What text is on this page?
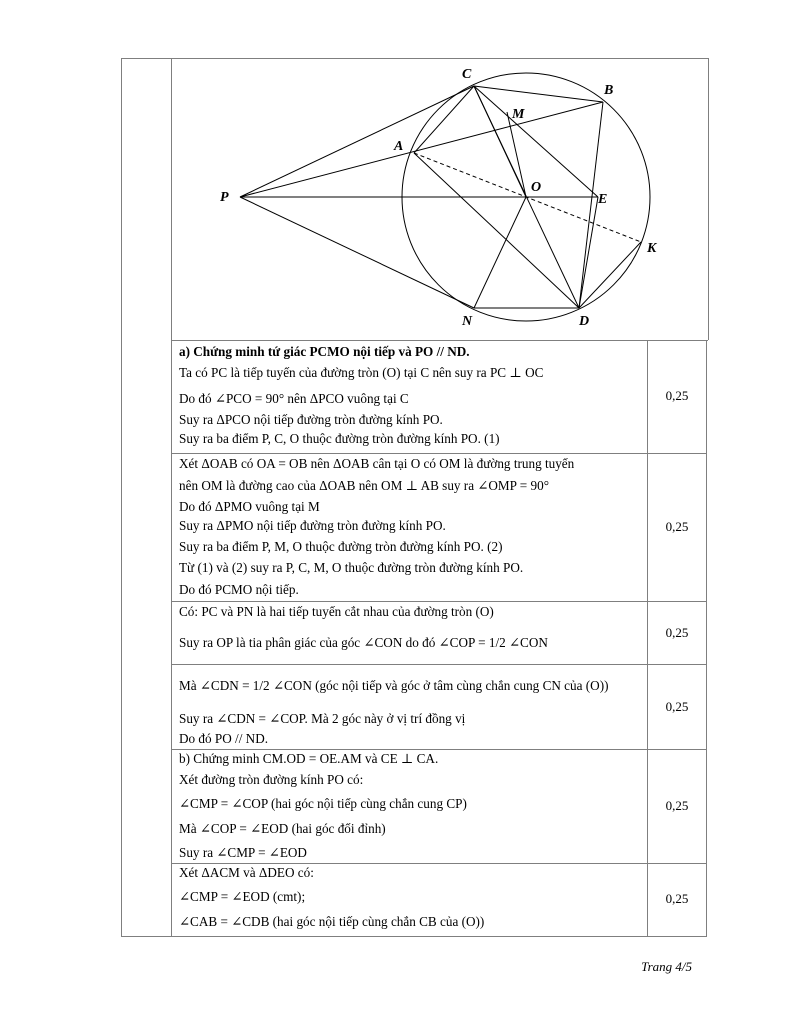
C
B
M
A
O
P	E
K
N	D
a) Chứng minh tứ giác PCMO nội tiếp và PO // ND.
Ta có PC là tiếp tuyến của đường tròn (O) tại C nên suy ra PC ⊥ OC
Do đó ∠PCO = 90° nên ΔPCO vuông tại C
Suy ra ΔPCO nội tiếp đường tròn đường kính PO.
Suy ra ba điểm P, C, O thuộc đường tròn đường kính PO. (1)
0,25
Xét ΔOAB có OA = OB nên ΔOAB cân tại O có OM là đường trung tuyến
nên OM là đường cao của ΔOAB nên OM ⊥ AB suy ra ∠OMP = 90°
Do đó ΔPMO vuông tại M
Suy ra ΔPMO nội tiếp đường tròn đường kính PO.
Suy ra ba điểm P, M, O thuộc đường tròn đường kính PO. (2)
Từ (1) và (2) suy ra P, C, M, O thuộc đường tròn đường kính PO.
Do đó PCMO nội tiếp.
0,25
Có: PC và PN là hai tiếp tuyến cắt nhau của đường tròn (O)
Suy ra OP là tia phân giác của góc ∠CON do đó ∠COP = 1/2 ∠CON
0,25
Mà ∠CDN = 1/2 ∠CON (góc nội tiếp và góc ở tâm cùng chắn cung CN của (O))
Suy ra ∠CDN = ∠COP. Mà 2 góc này ở vị trí đồng vị
Do đó PO // ND.
0,25
b) Chứng minh CM.OD = OE.AM và CE ⊥ CA.
Xét đường tròn đường kính PO có:
∠CMP = ∠COP (hai góc nội tiếp cùng chắn cung CP)
Mà ∠COP = ∠EOD (hai góc đối đỉnh)
Suy ra ∠CMP = ∠EOD
0,25
Xét ΔACM và ΔDEO có:
∠CMP = ∠EOD (cmt);
∠CAB = ∠CDB (hai góc nội tiếp cùng chắn CB của (O))
0,25
Trang 4/5
